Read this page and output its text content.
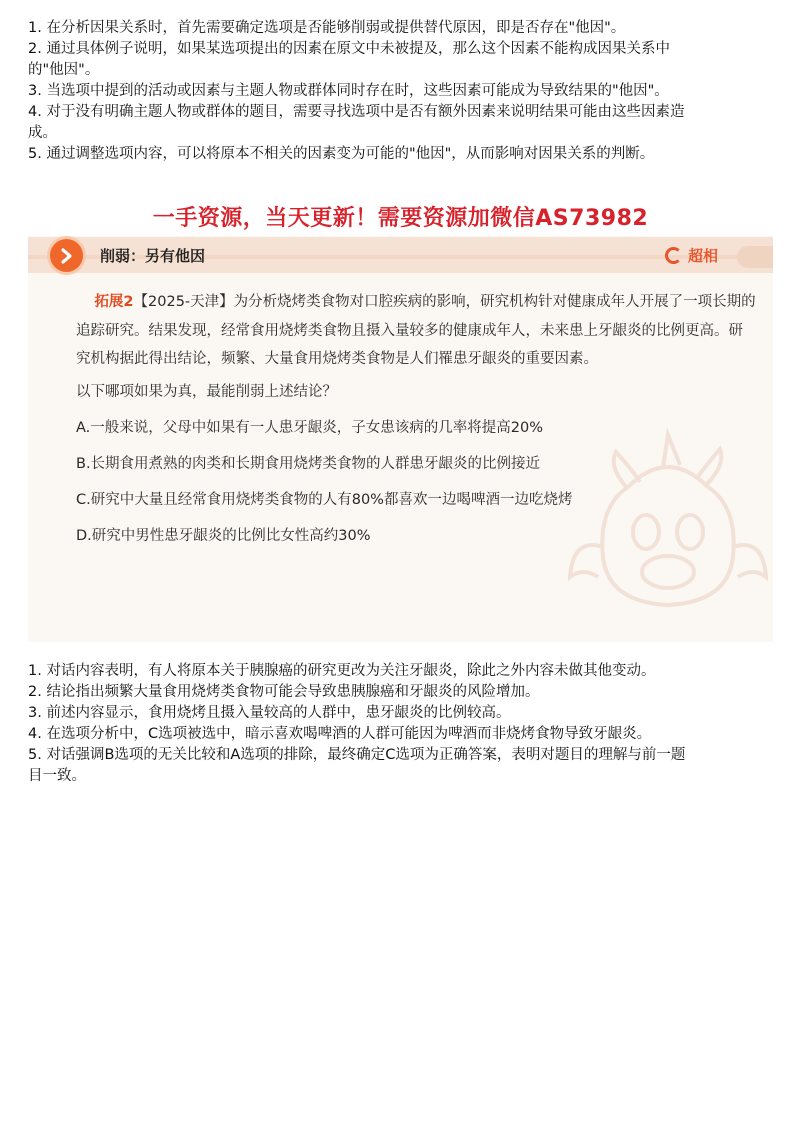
1. 在分析因果关系时，首先需要确定选项是否能够削弱或提供替代原因，即是否存在"他因"。

2. 通过具体例子说明，如果某选项提出的因素在原文中未被提及，那么这个因素不能构成因果关系中

的"他因"。

3. 当选项中提到的活动或因素与主题人物或群体同时存在时，这些因素可能成为导致结果的"他因"。

4. 对于没有明确主题人物或群体的题目，需要寻找选项中是否有额外因素来说明结果可能由这些因素造

成。

5. 通过调整选项内容，可以将原本不相关的因素变为可能的"他因"，从而影响对因果关系的判断。

一手资源，当天更新！需要资源加微信AS73982
削弱：另有他因	超相
拓展2【2025-天津】为分析烧烤类食物对口腔疾病的影响，研究机构针对健康成年人开展了一项长期的追踪研究。结果发现，经常食用烧烤类食物且摄入量较多的健康成年人，未来患上牙龈炎的比例更高。研究机构据此得出结论，频繁、大量食用烧烤类食物是人们罹患牙龈炎的重要因素。
以下哪项如果为真，最能削弱上述结论？
A.一般来说，父母中如果有一人患牙龈炎，子女患该病的几率将提高20%
B.长期食用煮熟的肉类和长期食用烧烤类食物的人群患牙龈炎的比例接近
C.研究中大量且经常食用烧烤类食物的人有80%都喜欢一边喝啤酒一边吃烧烤
D.研究中男性患牙龈炎的比例比女性高约30%

1. 对话内容表明，有人将原本关于胰腺癌的研究更改为关注牙龈炎，除此之外内容未做其他变动。

2. 结论指出频繁大量食用烧烤类食物可能会导致患胰腺癌和牙龈炎的风险增加。

3. 前述内容显示，食用烧烤且摄入量较高的人群中，患牙龈炎的比例较高。

4. 在选项分析中，C选项被选中，暗示喜欢喝啤酒的人群可能因为啤酒而非烧烤食物导致牙龈炎。

5. 对话强调B选项的无关比较和A选项的排除，最终确定C选项为正确答案，表明对题目的理解与前一题

目一致。
